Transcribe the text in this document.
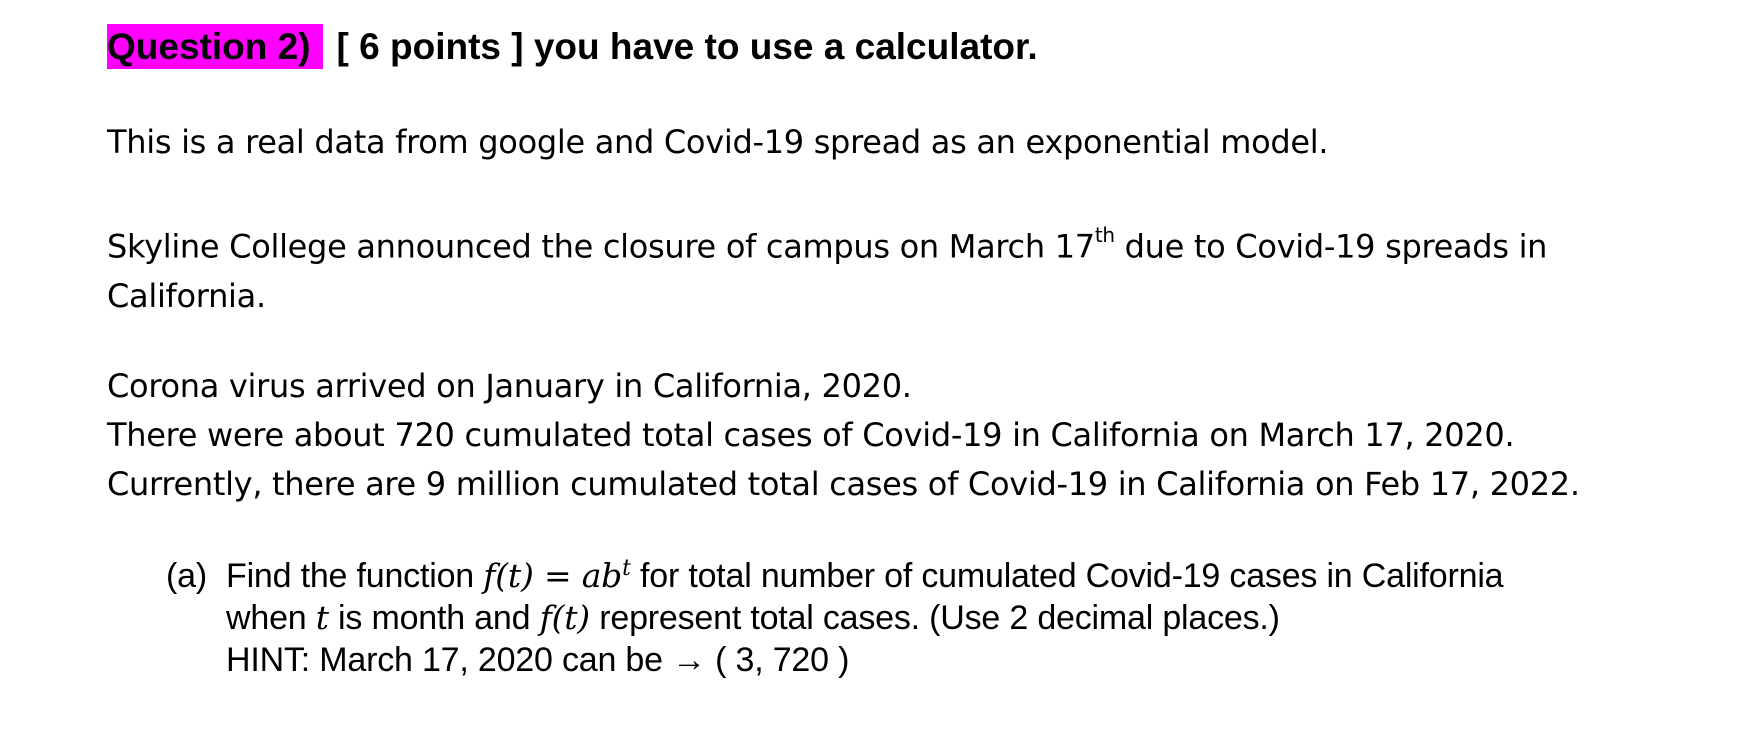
Question 2) [ 6 points ] you have to use a calculator.
This is a real data from google and Covid-19 spread as an exponential model.
Skyline College announced the closure of campus on March 17th due to Covid-19 spreads in
California.
Corona virus arrived on January in California, 2020.
There were about 720 cumulated total cases of Covid-19 in California on March 17, 2020.
Currently, there are 9 million cumulated total cases of Covid-19 in California on Feb 17, 2022.
(a) Find the function $f(t) = ab^t$ for total number of cumulated Covid-19 cases in California
when t is month and f(t) represent total cases. (Use 2 decimal places.)
HINT: March 17, 2020 can be → ( 3, 720 )
